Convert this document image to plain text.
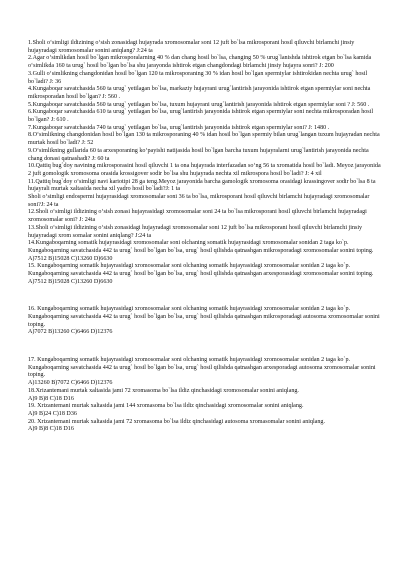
1.Sholi o‘simligi ildizining o‘sish zonasidagi hujayrada xromosomalar soni 12 juft bo`lsa mikrosporani hosil qiluvchi birlamchi jinsiy hujayradagi xromosomalar sonini aniqlang? J:24 ta

2.Agar o‘simlikdan hosil bo`lgan mikrosporalarning 40 % dan chang hosil bo`lsa, changing 50 % urug`lanishda ishtirok etgan bo`lsa kamida o‘simlikda 160 ta urug` hosil bo`lgan bo`lsa shu jarayonda ishtirok etgan changdondagi birlamchi jinsiy hujayra sonri? J: 200

3.Gulli o‘simlikning changdonidan hosil bo`lgan 120 ta mikrosporaning 30 % idan hosil bo`lgan spermiylar ishtirokidan nechta urug` hosil bo`ladi? J: 36

4.Kungaboqar savatchasida 560 ta urug` yetilagan bo`lsa, markaziy hujayrani urug`lantirish jarayonida ishtirok etgan spermiylar soni nechta mikrosporadan hosil bo`lgan? J: 560 .

5.Kungaboqar savatchasida 560 ta urug` yetilagan bo`lsa, tuxum hujayrani urug`lantirish jarayonida ishtirok etgan spermiylar soni ? J: 560 .

6.Kungaboqar savatchasida 610 ta urug` yetilagan bo`lsa, urug`lantirish jarayonida ishtirok etgan spermiylar soni nechta mikrosporadan hosil bo`lgan? J: 610 .

7.Kungaboqar savatchasida 740 ta urug` yetilagan bo`lsa, urug`lantirish jarayonida ishtirok etgan spermiylar soni? J: 1480 .

8.O‘simlikning changdonidan hosil bo`lgan 130 ta mikrosporaning 40 % idan hosil bo`lgan spermiy bilan urug`langan tuxum hujayradan nechta murtak hosil bo`ladi? J: 52

9.O‘simlikning gullarida 60 ta arxesporaning ko‘payishi natijasida hosil bo`lgan barcha tuxum hujayralarni urug`lantirish jarayonida nechta chang donasi qatnashadi? J: 60 ta

10.Qattiq bug`doy navining mikrosporasini hosil qiluvchi 1 ta ona hujayrada interfazadan so‘ng 56 ta xromatida hosil bo`ladi. Meyoz jarayonida 2 juft gomologik xromosoma orasida krossigover sodir bo`lsa shu hujayrada nechta xil mikrospora hosil bo`ladi? J: 4 xil

11.Qattiq bug`doy o‘simligi navi kariotipi 28 ga teng.Meyoz jarayonida barcha gamologik xromosoma orasidagi krassingover sodir bo`lsa 8 ta hujayrali murtak xaltasida necha xil yadro hosil bo`ladi?J: 1 ta

Sholi o‘simligi endospermi hujayrasidagi xromosomalar soni 36 ta bo`lsa, mikrosporani hosil qiluvchi birlamchi hujayradagi xromosomalar soni?J: 24 ta

12.Sholi o‘simligi ildizining o‘sish zonasi hujayrasidagi xromosomalar soni 24 ta bo`lsa mikrosporani hosil qiluvchi birlamchi hujayradagi xromosomalar soni? J: 24ta

13.Sholi o‘simligi ildizining o‘sish zonasidagi hujayradagi xromosomalar soni 12 juft bo`lsa mikrosporani hosil qiluvchi birlamchi jinsiy hujayradagi xrom somalar sonini aniqlang? J:24 ta

14.Kungaboqarning somatik hujayrasidagi xromosomalar soni olchaning somatik hujayrasidagi xromosomalar sonidan 2 taga ko`p. Kungaboqarning savatchasida 442 ta urug` hosil bo`lgan bo`lsa, urug` hosil qilishda qatnashgan mikrosporadagi xromosomalar sonini toping.

A)7512 B)15028 C)13260 D)6630

15. Kungaboqarning somatik hujayrasidagi xromosomalar soni olchaning somatik hujayrasidagi xromosomalar sonidan 2 taga ko`p. Kungaboqarning savatchasida 442 ta urug` hosil bo`lgan bo`lsa, urug` hosil qilishda qatnashgan arxesporasidagi xromosomalar sonini toping.

A)7512 B)15028 C)13260 D)6630

16. Kungaboqarning somatik hujayrasidagi xromosomalar soni olchaning somatik hujayrasidagi xromosomalar sonidan 2 taga ko`p. Kungaboqarning savatchasida 442 ta urug` hosil bo`lgan bo`lsa, urug` hosil qilishda qatnashgan mikrosporadagi autosoma xromosomalar sonini toping.

A)7072 B)13260 C)6466 D)12376

17. Kungaboqarning somatik hujayrasidagi xromosomalar soni olchaning somatik hujayrasidagi xromosomalar sonidan 2 taga ko`p. Kungaboqarning savatchasida 442 ta urug` hosil bo`lgan bo`lsa, urug` hosil qilishda qatnashgan arxesporadagi autosoma xromosomalar sonini toping.

A)13260 B)7072 C)6466 D)12376

18.Xrizantemani murtak xaltasida jami 72 xromasoma bo`lsa ildiz qinchasidagi xromosomalar sonini aniqlang.

A)9 B)8 C)18 D16

19. Xrizantemani murtak xaltasida jami 144 xromasoma bo`lsa ildiz qinchasidagi xromosomalar sonini aniqlang.

A)9 B)24 C)18 D36

20. Xrizantemani murtak xaltasida jami 72 xromasoma bo`lsa ildiz qinchasidagi autosoma xromasomalar sonini aniqlang.

A)9 B)8 C)18 D16
